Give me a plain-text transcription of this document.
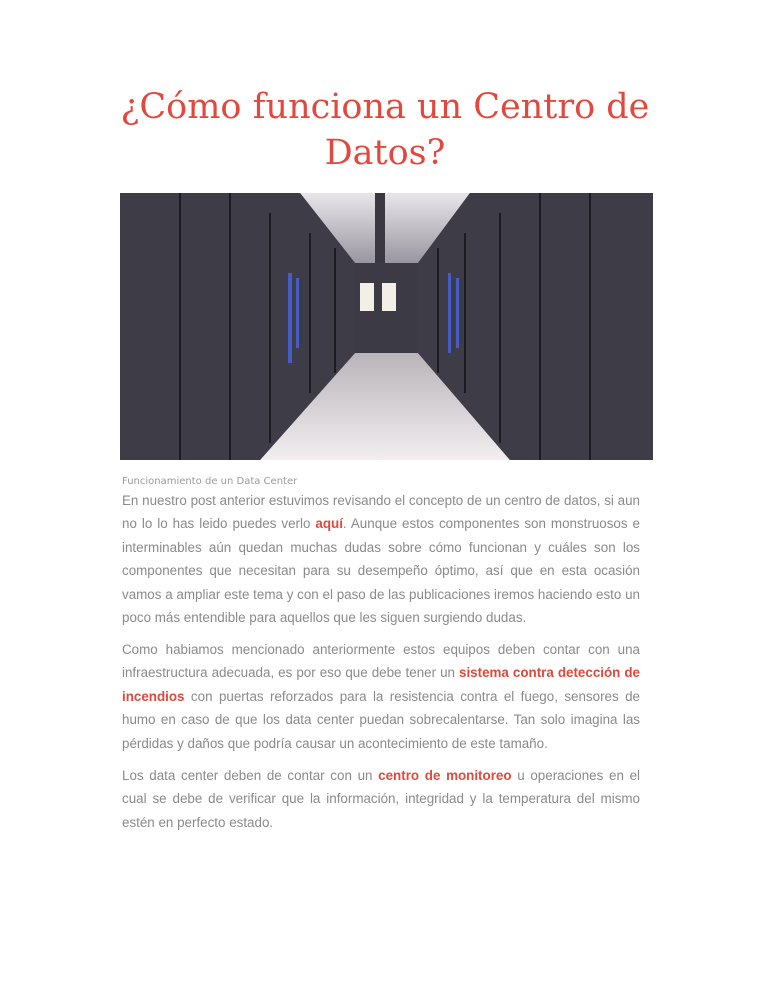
¿Cómo funciona un Centro de Datos?
Funcionamiento de un Data Center

En nuestro post anterior estuvimos revisando el concepto de un centro de datos, si aun no lo lo has leido puedes verlo aquí. Aunque estos componentes son monstruosos e interminables aún quedan muchas dudas sobre cómo funcionan y cuáles son los componentes que necesitan para su desempeño óptimo, así que en esta ocasión vamos a ampliar este tema y con el paso de las publicaciones iremos haciendo esto un poco más entendible para aquellos que les siguen surgiendo dudas.

Como habiamos mencionado anteriormente estos equipos deben contar con una infraestructura adecuada, es por eso que debe tener un sistema contra detección de incendios con puertas reforzados para la resistencia contra el fuego, sensores de humo en caso de que los data center puedan sobrecalentarse. Tan solo imagina las pérdidas y daños que podría causar un acontecimiento de este tamaño.

Los data center deben de contar con un centro de monitoreo u operaciones en el cual se debe de verificar que la información, integridad y la temperatura del mismo estén en perfecto estado.
